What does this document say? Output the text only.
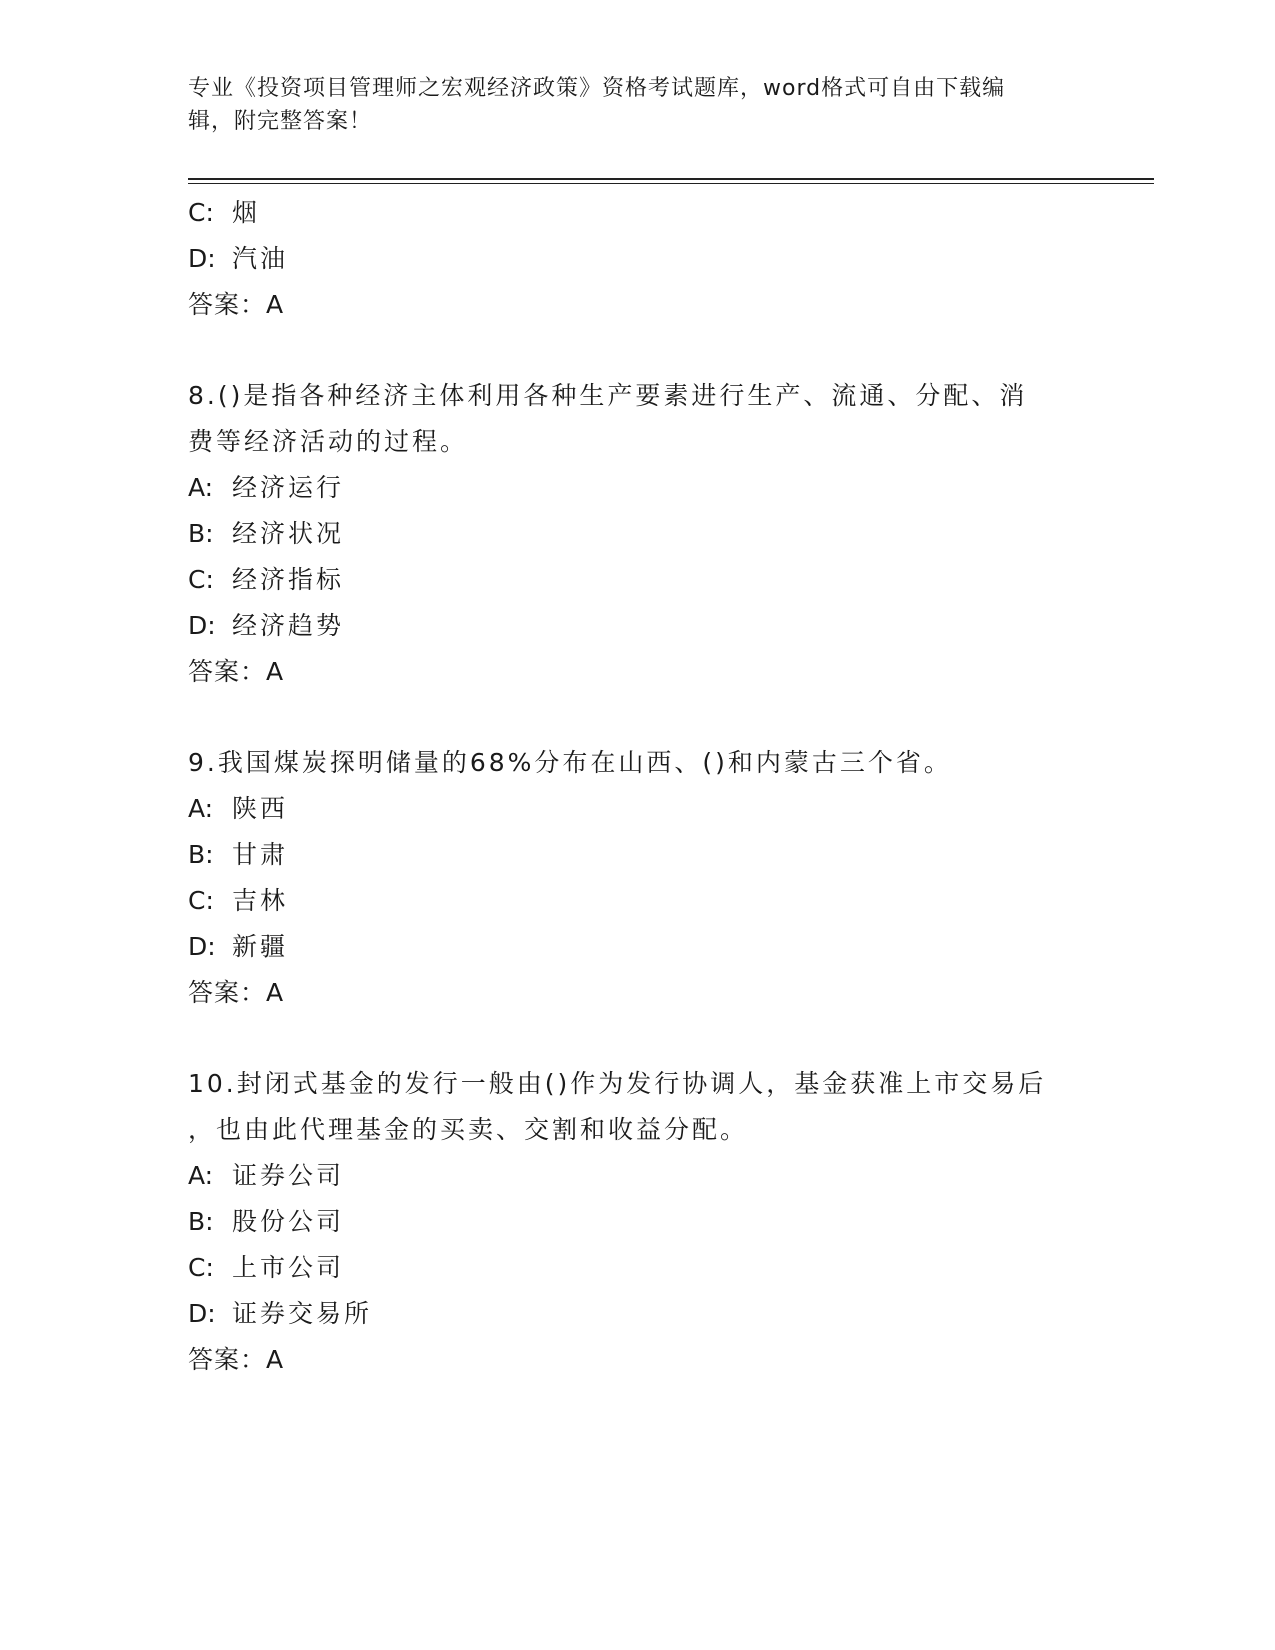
专业《投资项目管理师之宏观经济政策》资格考试题库，word格式可自由下载编
辑，附完整答案！
C: 烟
D: 汽油
答案：A
8.()是指各种经济主体利用各种生产要素进行生产、流通、分配、消
费等经济活动的过程。
A: 经济运行
B: 经济状况
C: 经济指标
D: 经济趋势
答案：A
9.我国煤炭探明储量的68%分布在山西、()和内蒙古三个省。
A: 陕西
B: 甘肃
C: 吉林
D: 新疆
答案：A
10.封闭式基金的发行一般由()作为发行协调人，基金获准上市交易后
，也由此代理基金的买卖、交割和收益分配。
A: 证券公司
B: 股份公司
C: 上市公司
D: 证券交易所
答案：A
